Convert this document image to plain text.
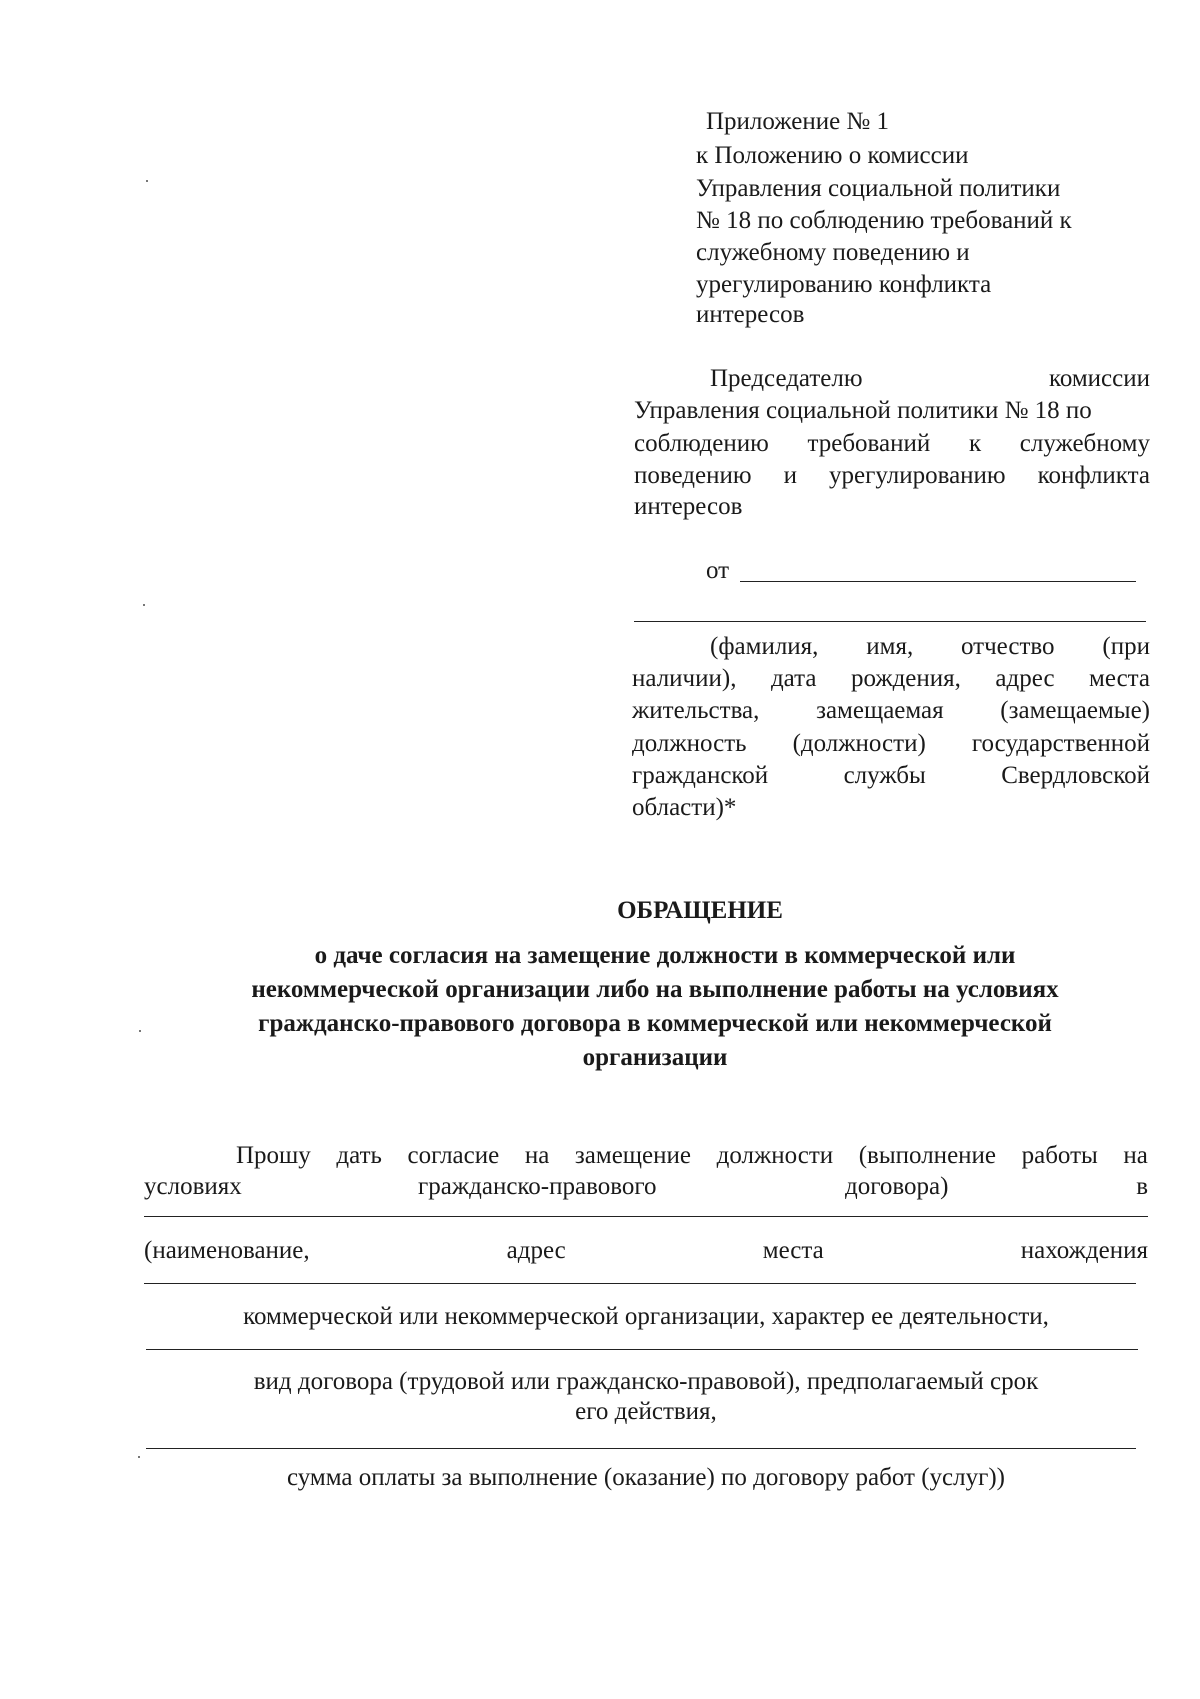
Приложение № 1
к Положению о комиссии
Управления социальной политики
№ 18 по соблюдению требований к
служебному поведению и
урегулированию конфликта
интересов
Председателю	комиссии
Управления социальной политики № 18 по
соблюдению требований к служебному
поведению и урегулированию конфликта
интересов
от
(фамилия, имя, отчество (при
наличии), дата рождения, адрес места
жительства, замещаемая (замещаемые)
должность (должности) государственной
гражданской	службы	Свердловской
области)*
ОБРАЩЕНИЕ
о даче согласия на замещение должности в коммерческой или
некоммерческой организации либо на выполнение работы на условиях
гражданско-правового договора в коммерческой или некоммерческой
организации
Прошу дать согласие на замещение должности (выполнение работы на
условиях	гражданско-правового	договора)	в
(наименование,	адрес	места	нахождения
коммерческой или некоммерческой организации, характер ее деятельности,
вид договора (трудовой или гражданско-правовой), предполагаемый срок
его действия,
сумма оплаты за выполнение (оказание) по договору работ (услуг))
